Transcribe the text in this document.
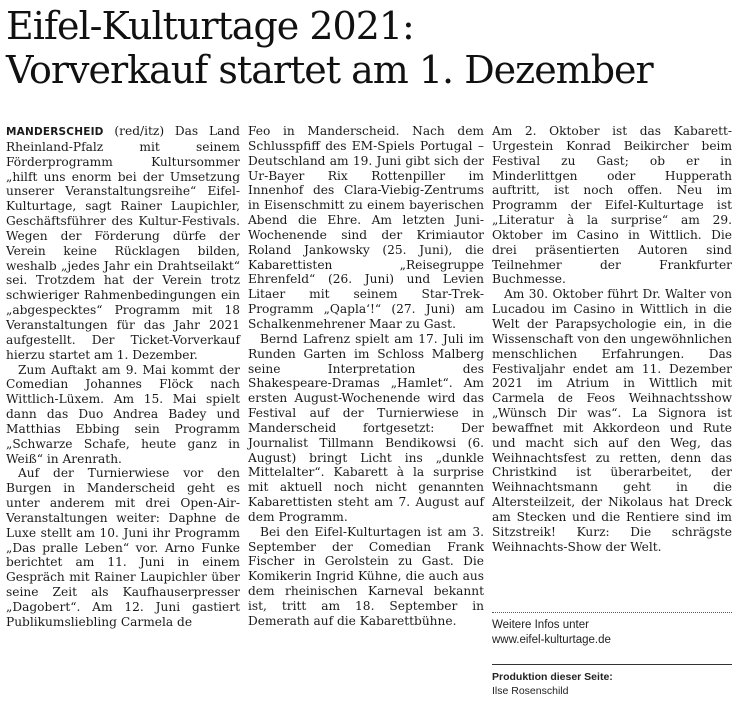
Eifel-Kulturtage 2021:
Vorverkauf startet am 1. Dezember

MANDERSCHEID (red/itz) Das Land Rheinland-Pfalz mit seinem Förderprogramm Kultursommer „hilft uns enorm bei der Umsetzung unserer Veranstaltungsreihe“ Eifel-Kulturtage, sagt Rainer Laupichler, Geschäftsführer des Kultur-Festivals. Wegen der Förderung dürfe der Verein keine Rücklagen bilden, weshalb „jedes Jahr ein Drahtseilakt“ sei. Trotzdem hat der Verein trotz schwieriger Rahmenbedingungen ein „abgespecktes“ Programm mit 18 Veranstaltungen für das Jahr 2021 aufgestellt. Der Ticket-Vorverkauf hierzu startet am 1. Dezember.

Zum Auftakt am 9. Mai kommt der Comedian Johannes Flöck nach Wittlich-Lüxem. Am 15. Mai spielt dann das Duo Andrea Badey und Matthias Ebbing sein Programm „Schwarze Schafe, heute ganz in Weiß“ in Arenrath.

Auf der Turnierwiese vor den Burgen in Manderscheid geht es unter anderem mit drei Open-Air-Veranstaltungen weiter: Daphne de Luxe stellt am 10. Juni ihr Programm „Das pralle Leben“ vor. Arno Funke berichtet am 11. Juni in einem Gespräch mit Rainer Laupichler über seine Zeit als Kaufhauserpresser „Dagobert“. Am 12. Juni gastiert Publikumsliebling Carmela de

Feo in Manderscheid. Nach dem Schlusspfiff des EM-Spiels Portugal – Deutschland am 19. Juni gibt sich der Ur-Bayer Rix Rottenpiller im Innenhof des Clara-Viebig-Zentrums in Eisenschmitt zu einem bayerischen Abend die Ehre. Am letzten Juni-Wochenende sind der Krimiautor Roland Jankowsky (25. Juni), die Kabarettisten „Reisegruppe Ehrenfeld“ (26. Juni) und Levien Litaer mit seinem Star-Trek-Programm „Qapla‘!“ (27. Juni) am Schalkenmehrener Maar zu Gast.

Bernd Lafrenz spielt am 17. Juli im Runden Garten im Schloss Malberg seine Interpretation des Shakespeare-Dramas „Hamlet“. Am ersten August-Wochenende wird das Festival auf der Turnierwiese in Manderscheid fortgesetzt: Der Journalist Tillmann Bendikowsi (6. August) bringt Licht ins „dunkle Mittelalter“. Kabarett à la surprise mit aktuell noch nicht genannten Kabarettisten steht am 7. August auf dem Programm.

Bei den Eifel-Kulturtagen ist am 3. September der Comedian Frank Fischer in Gerolstein zu Gast. Die Komikerin Ingrid Kühne, die auch aus dem rheinischen Karneval bekannt ist, tritt am 18. September in Demerath auf die Kabarettbühne.

Am 2. Oktober ist das Kabarett-Urgestein Konrad Beikircher beim Festival zu Gast; ob er in Minderlittgen oder Hupperath auftritt, ist noch offen. Neu im Programm der Eifel-Kulturtage ist „Literatur à la surprise“ am 29. Oktober im Casino in Wittlich. Die drei präsentierten Autoren sind Teilnehmer der Frankfurter Buchmesse.

Am 30. Oktober führt Dr. Walter von Lucadou im Casino in Wittlich in die Welt der Parapsychologie ein, in die Wissenschaft von den ungewöhnlichen menschlichen Erfahrungen. Das Festivaljahr endet am 11. Dezember 2021 im Atrium in Wittlich mit Carmela de Feos Weihnachtsshow „Wünsch Dir was“. La Signora ist bewaffnet mit Akkordeon und Rute und macht sich auf den Weg, das Weihnachtsfest zu retten, denn das Christkind ist überarbeitet, der Weihnachtsmann geht in die Altersteilzeit, der Nikolaus hat Dreck am Stecken und die Rentiere sind im Sitzstreik! Kurz: Die schrägste Weihnachts-Show der Welt.

Weitere Infos unter
www.eifel-kulturtage.de
Produktion dieser Seite:
Ilse Rosenschild
